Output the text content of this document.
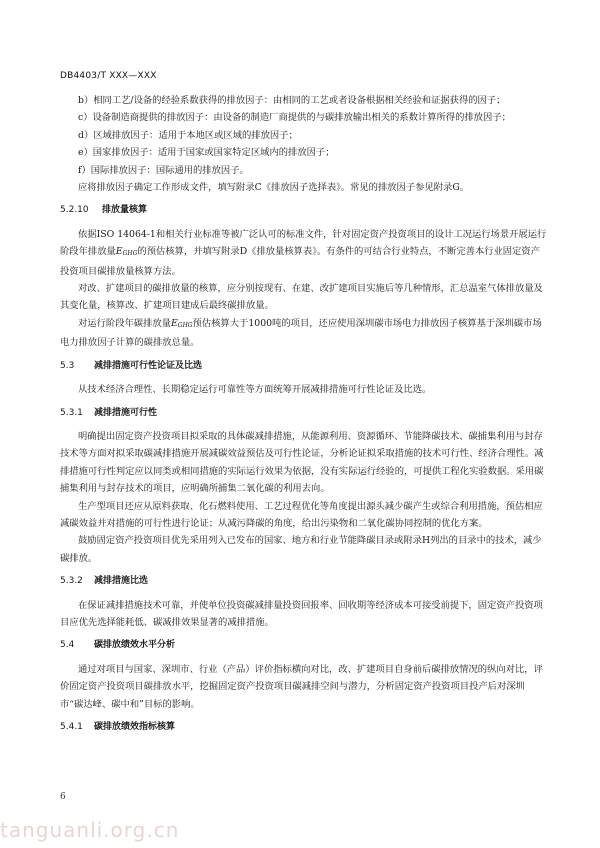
DB4403/T XXX—XXX

b）相同工艺/设备的经验系数获得的排放因子：由相同的工艺或者设备根据相关经验和证据获得的因子；

c）设备制造商提供的排放因子：由设备的制造厂商提供的与碳排放输出相关的系数计算所得的排放因子；

d）区域排放因子：适用于本地区或区域的排放因子；

e）国家排放因子：适用于国家或国家特定区域内的排放因子；

f）国际排放因子：国际通用的排放因子。

应将排放因子确定工作形成文件，填写附录C《排放因子选择表》。常见的排放因子参见附录G。

5.2.10 排放量核算

依据ISO 14064-1和相关行业标准等被广泛认可的标准文件，针对固定资产投资项目的设计工况运行场景开展运行阶段年排放量EGHG的预估核算，并填写附录D《排放量核算表》。有条件的可结合行业特点，不断完善本行业固定资产投资项目碳排放量核算方法。

对改、扩建项目的碳排放量的核算，应分别按现有、在建、改扩建项目实施后等几种情形，汇总温室气体排放量及其变化量，核算改、扩建项目建成后最终碳排放量。

对运行阶段年碳排放量EGHG预估核算大于1000吨的项目，还应使用深圳碳市场电力排放因子核算基于深圳碳市场电力排放因子计算的碳排放总量。

5.3 减排措施可行性论证及比选

从技术经济合理性、长期稳定运行可靠性等方面统筹开展减排措施可行性论证及比选。

5.3.1 减排措施可行性

明确提出固定资产投资项目拟采取的具体碳减排措施，从能源利用、资源循环、节能降碳技术、碳捕集利用与封存技术等方面对拟采取碳减排措施开展减碳效益预估及可行性论证，分析论证拟采取措施的技术可行性、经济合理性。减排措施可行性判定应以同类或相同措施的实际运行效果为依据，没有实际运行经验的，可提供工程化实验数据。采用碳捕集利用与封存技术的项目，应明确所捕集二氧化碳的利用去向。

生产型项目还应从原料获取、化石燃料使用、工艺过程优化等角度提出源头减少碳产生或综合利用措施，预估相应减碳效益并对措施的可行性进行论证；从减污降碳的角度，给出污染物和二氧化碳协同控制的优化方案。

鼓励固定资产投资项目优先采用列入已发布的国家、地方和行业节能降碳目录或附录H列出的目录中的技术，减少碳排放。

5.3.2 减排措施比选

在保证减排措施技术可靠，并使单位投资碳减排量投资回报率、回收期等经济成本可接受前提下，固定资产投资项目应优先选择能耗低、碳减排效果显著的减排措施。

5.4 碳排放绩效水平分析

通过对项目与国家、深圳市、行业（产品）评价指标横向对比，改、扩建项目自身前后碳排放情况的纵向对比，评价固定资产投资项目碳排放水平，挖掘固定资产投资项目碳减排空间与潜力，分析固定资产投资项目投产后对深圳市“碳达峰、碳中和”目标的影响。

5.4.1 碳排放绩效指标核算

6
tanguanli.org.cn
